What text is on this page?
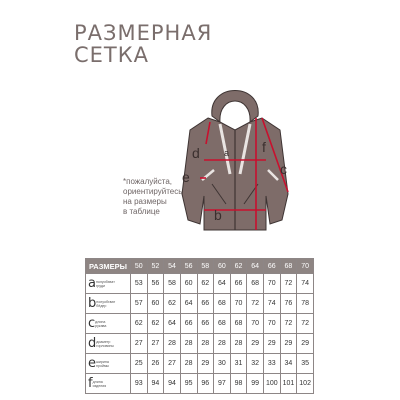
РАЗМЕРНАЯ
СЕТКА
d	f
e	c
b
a
*пожалуйста,
ориентируйтесь
на размеры
в таблице
РАЗМЕРЫ	50	52	54	56	58	60	62	64	66	68	70
aполуобхват груди	53	56	58	60	62	64	66	68	70	72	74
bполуобхват бёдер	57	60	62	64	66	68	70	72	74	76	78
cдлина рукава	62	62	64	66	66	68	68	70	70	72	72
dдиаметр горловины	27	27	28	28	28	28	28	29	29	29	29
eширина проймы	25	26	27	28	29	30	31	32	33	34	35
fдлина изделия	93	94	94	95	96	97	98	99	100	101	102
